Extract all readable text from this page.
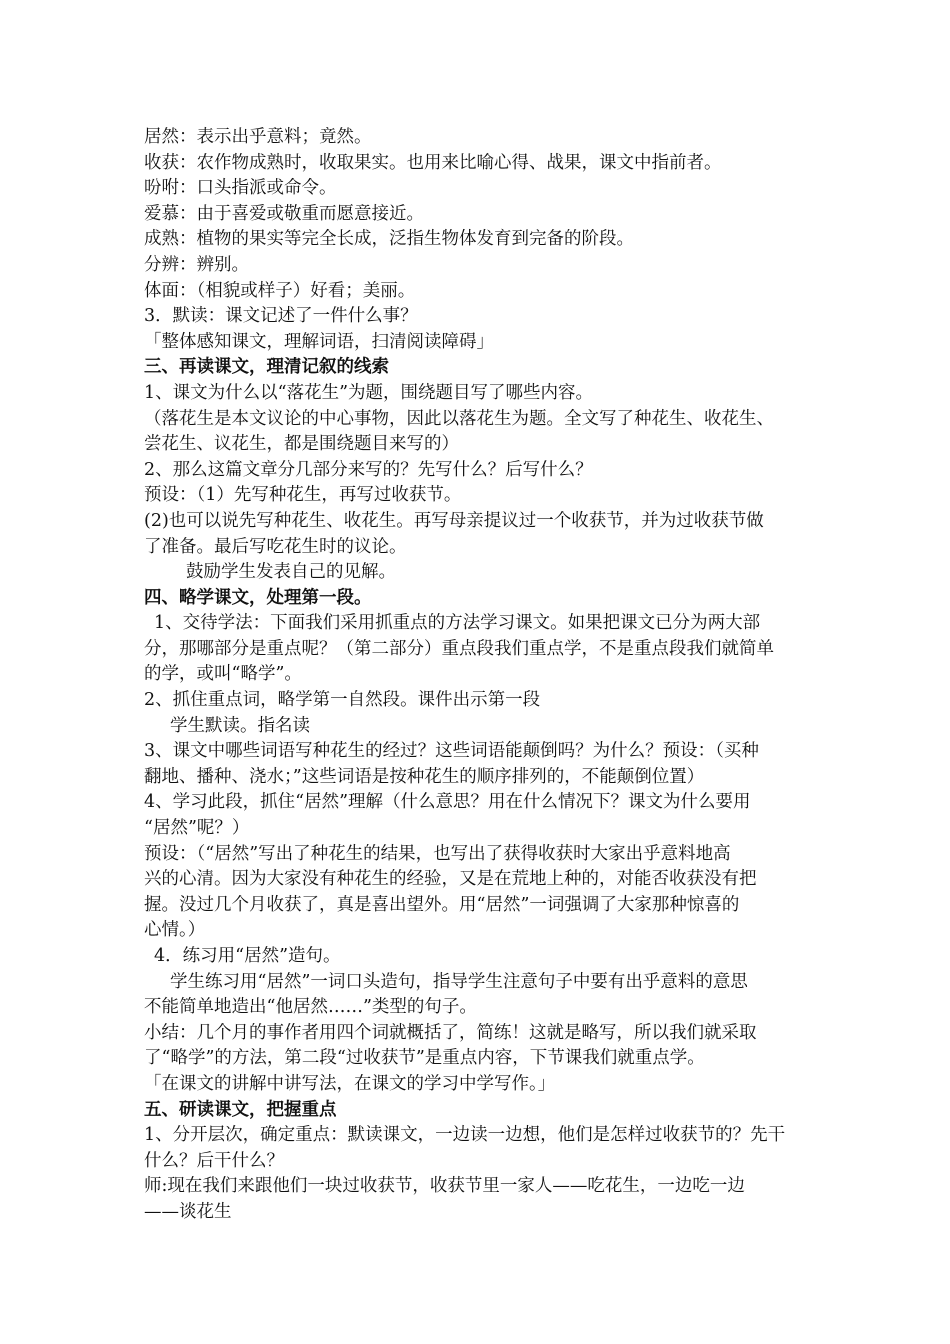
居然：表示出乎意料；竟然。
收获：农作物成熟时，收取果实。也用来比喻心得、战果，课文中指前者。
吩咐：口头指派或命令。
爱慕：由于喜爱或敬重而愿意接近。
成熟：植物的果实等完全长成，泛指生物体发育到完备的阶段。
分辨：辨别。
体面：（相貌或样子）好看；美丽。
3．默读：课文记述了一件什么事？
「整体感知课文，理解词语，扫清阅读障碍」
三、再读课文，理清记叙的线索
1、课文为什么以“落花生”为题，围绕题目写了哪些内容。
（落花生是本文议论的中心事物，因此以落花生为题。全文写了种花生、收花生、
尝花生、议花生，都是围绕题目来写的）
2、那么这篇文章分几部分来写的？先写什么？后写什么？
预设：（1）先写种花生，再写过收获节。
(2)也可以说先写种花生、收花生。再写母亲提议过一个收获节，并为过收获节做
了准备。最后写吃花生时的议论。
鼓励学生发表自己的见解。
四、略学课文，处理第一段。
1、交待学法：下面我们采用抓重点的方法学习课文。如果把课文已分为两大部
分，那哪部分是重点呢？（第二部分）重点段我们重点学，不是重点段我们就简单
的学，或叫“略学”。
2、抓住重点词，略学第一自然段。课件出示第一段
学生默读。指名读
3、课文中哪些词语写种花生的经过？这些词语能颠倒吗？为什么？预设：（买种
翻地、播种、浇水；”这些词语是按种花生的顺序排列的，不能颠倒位置）
4、学习此段，抓住“居然”理解（什么意思？用在什么情况下？课文为什么要用
“居然”呢？）
预设：（“居然”写出了种花生的结果，也写出了获得收获时大家出乎意料地高
兴的心清。因为大家没有种花生的经验，又是在荒地上种的，对能否收获没有把
握。没过几个月收获了，真是喜出望外。用“居然”一词强调了大家那种惊喜的
心情。）
4．练习用“居然”造句。
学生练习用“居然”一词口头造句，指导学生注意句子中要有出乎意料的意思
不能简单地造出“他居然……”类型的句子。
小结：几个月的事作者用四个词就概括了，简练！这就是略写，所以我们就采取
了“略学”的方法，第二段“过收获节”是重点内容，下节课我们就重点学。
「在课文的讲解中讲写法，在课文的学习中学写作。」
五、研读课文，把握重点
1、分开层次，确定重点：默读课文，一边读一边想，他们是怎样过收获节的？先干
什么？后干什么？
师:现在我们来跟他们一块过收获节，收获节里一家人——吃花生，一边吃一边
——谈花生
